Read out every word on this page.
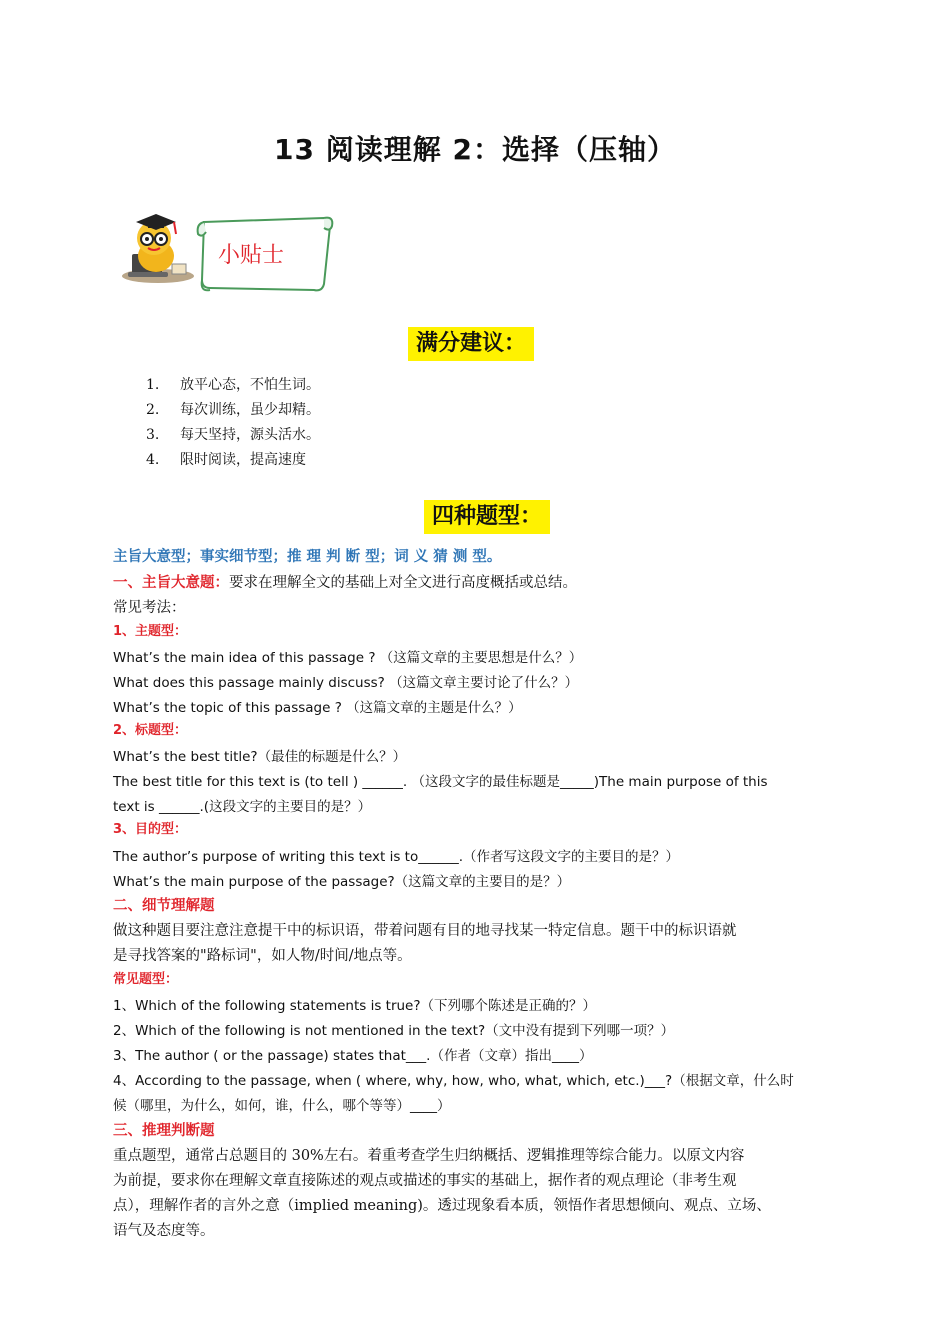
13 阅读理解 2：选择（压轴）
小贴士
满分建议：
1.	放平心态，不怕生词。
2.	每次训练，虽少却精。
3.	每天坚持，源头活水。
4.	限时阅读，提高速度
四种题型：
主旨大意型；事实细节型；推 理 判 断 型；词 义 猜 测 型。
一、主旨大意题：要求在理解全文的基础上对全文进行高度概括或总结。
常见考法：
1、主题型：
What’s the main idea of this passage ? （这篇文章的主要思想是什么？）
What does this passage mainly discuss? （这篇文章主要讨论了什么？）
What’s the topic of this passage ? （这篇文章的主题是什么？）
2、标题型：
What’s the best title?（最佳的标题是什么？）
The best title for this text is (to tell ) ______. （这段文字的最佳标题是_____)The main purpose of this
text is ______.(这段文字的主要目的是？）
3、目的型：
The author’s purpose of writing this text is to______.（作者写这段文字的主要目的是？）
What’s the main purpose of the passage?（这篇文章的主要目的是？）
二、细节理解题
做这种题目要注意注意提干中的标识语，带着问题有目的地寻找某一特定信息。题干中的标识语就
是寻找答案的"路标词"，如人物/时间/地点等。
常见题型：
1、Which of the following statements is true?（下列哪个陈述是正确的？）
2、Which of the following is not mentioned in the text?（文中没有提到下列哪一项？）
3、The author ( or the passage) states that___.（作者（文章）指出____）
4、According to the passage, when ( where, why, how, who, what, which, etc.)___?（根据文章，什么时
候（哪里，为什么，如何，谁，什么，哪个等等）____）
三、推理判断题
重点题型，通常占总题目的 30%左右。着重考查学生归纳概括、逻辑推理等综合能力。以原文内容
为前提，要求你在理解文章直接陈述的观点或描述的事实的基础上，据作者的观点理论（非考生观
点），理解作者的言外之意（implied meaning)。透过现象看本质，领悟作者思想倾向、观点、立场、
语气及态度等。
